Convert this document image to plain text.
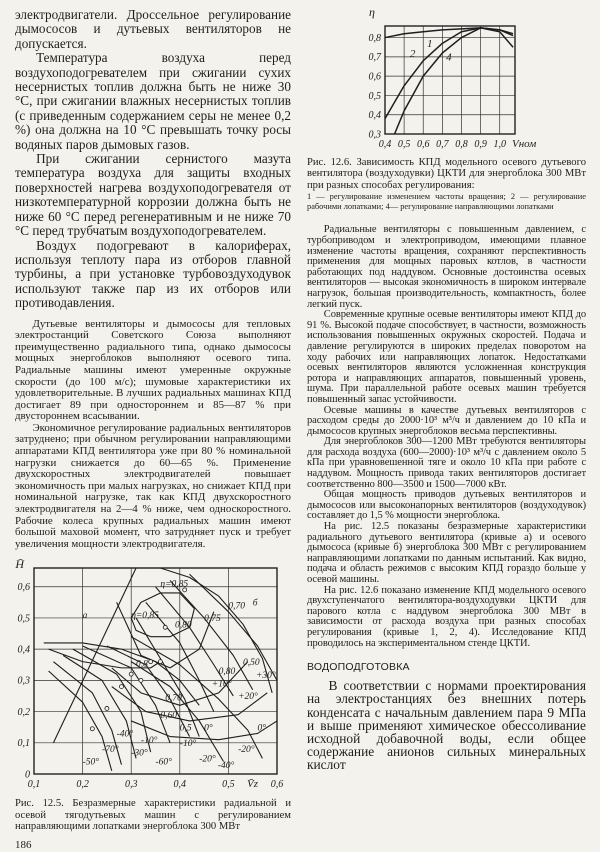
электродвигатели. Дроссельное регулирование дымососов и дутьевых вентиляторов не допускается.

Температура воздуха перед воздухоподогревателем при сжигании сухих несернистых топлив должна быть не ниже 30 °С, при сжигании влажных несернистых топлив (с приведенным содержанием серы не менее 0,2 %) она должна на 10 °С превышать точку росы водяных паров дымовых газов.

При сжигании сернистого мазута температура воздуха для защиты входных поверхностей нагрева воздухоподогревателя от низкотемпературной коррозии должна быть не ниже 60 °С перед регенеративным и не ниже 70 °С перед трубчатым воздухоподогревателем.

Воздух подогревают в калориферах, используя теплоту пара из отборов главной турбины, а при установке турбовоздуходувок используют также пар из их отборов или противодавления.

Дутьевые вентиляторы и дымососы для тепловых электростанций Советского Союза выполняют преимущественно радиального типа, однако дымососы мощных энергоблоков выполняют осевого типа. Радиальные машины имеют умеренные окружные скорости (до 100 м/с); шумовые характеристики их удовлетворительные. В лучших радиальных машинах КПД достигает 89 при одностороннем и 85—87 % при двустороннем всасывании.

Экономичное регулирование радиальных вентиляторов затруднено; при обычном регулировании направляющими аппаратами КПД вентилятора уже при 80 % номинальной нагрузки снижается до 60—65 %. Применение двухскоростных электродвигателей повышает экономичность при малых нагрузках, но снижает КПД при номинальной нагрузке, так как КПД двухскоростного электродвигателя на 2—4 % ниже, чем односкоростного. Рабочие колеса крупных радиальных машин имеют большой маховой момент, что затрудняет пуск и требует увеличения мощности электродвигателя.

0,1	0,2	0,3	0,4	0,5	0,6
0
0,1
0,2
0,3
0,4
0,5
0,6
H̄
V̄z
а
б
η=0,85
η=0,85
0,80
0,75
0,70
0,8
0,80
0,50
0,70
0,60
0,5
+30°
+20°
+10°
0°	0°
-10° -10°
-20°
-20°
-30°
-40°
-40°
-50°	-60°
-70°
Рис. 12.5. Безразмерные характеристики радиальной и осевой тягодутьевых машин с регулированием направляющими лопатками энергоблока 300 МВт
186
0,4 0,5 0,6 0,7 0,8 0,9 1,0
0,3
0,4
0,5
0,6
0,7
0,8
η
Vном
1
2	4
Рис. 12.6. Зависимость КПД модельного осевого дутьевого вентилятора (воздуходувки) ЦКТИ для энергоблока 300 МВт при разных способах регулирования:
1 — регулирование изменением частоты вращения; 2 — регулирование рабочими лопатками; 4— регулирование направляющими лопатками

Радиальные вентиляторы с повышенным давлением, с турбоприводом и электроприводом, имеющими плавное изменение частоты вращения, сохраняют перспективность применения для мощных паровых котлов, в частности работающих под наддувом. Основные достоинства осевых вентиляторов — высокая экономичность в широком интервале нагрузок, большая производительность, компактность, более легкий пуск.

Современные крупные осевые вентиляторы имеют КПД до 91 %. Высокой подаче способствует, в частности, возможность использования повышенных окружных скоростей. Подача и давление регулируются в широких пределах поворотом на ходу рабочих или направляющих лопаток. Недостатками осевых вентиляторов являются усложненная конструкция ротора и направляющих аппаратов, повышенный уровень, шума. При параллельной работе осевых машин требуется повышенный запас устойчивости.

Осевые машины в качестве дутьевых вентиляторов с расходом среды до 2000·10³ м³/ч и давлением до 10 кПа и дымососов крупных энергоблоков весьма перспективны.

Для энергоблоков 300—1200 МВт требуются вентиляторы для расхода воздуха (600—2000)·10³ м³/ч с давлением около 5 кПа при уравновешенной тяге и около 10 кПа при работе с наддувом. Мощность привода таких вентиляторов достигает соответственно 800—3500 и 1500—7000 кВт.

Общая мощность приводов дутьевых вентиляторов и дымососов или высоконапорных вентиляторов (воздуходувок) составляет до 1,5 % мощности энергоблока.

На рис. 12.5 показаны безразмерные характеристики радиального дутьевого вентилятора (кривые а) и осевого дымососа (кривые б) энергоблока 300 МВт с регулированием направляющими лопатками по данным испытаний. Как видно, подача и область режимов с высоким КПД гораздо больше у осевой машины.

На рис. 12.6 показано изменение КПД модельного осевого двухступенчатого вентилятора-воздуходувки ЦКТИ для парового котла с наддувом энергоблока 300 МВт в зависимости от расхода воздуха при разных способах регулирования (кривые 1, 2, 4). Исследование КПД проводилось на экспериментальном стенде ЦКТИ.

ВОДОПОДГОТОВКА

В соответствии с нормами проектирования на электростанциях без внешних потерь конденсата с начальным давлением пара 9 МПа и выше применяют химическое обессоливание исходной добавочной воды, если общее содержание анионов сильных минеральных кислот
